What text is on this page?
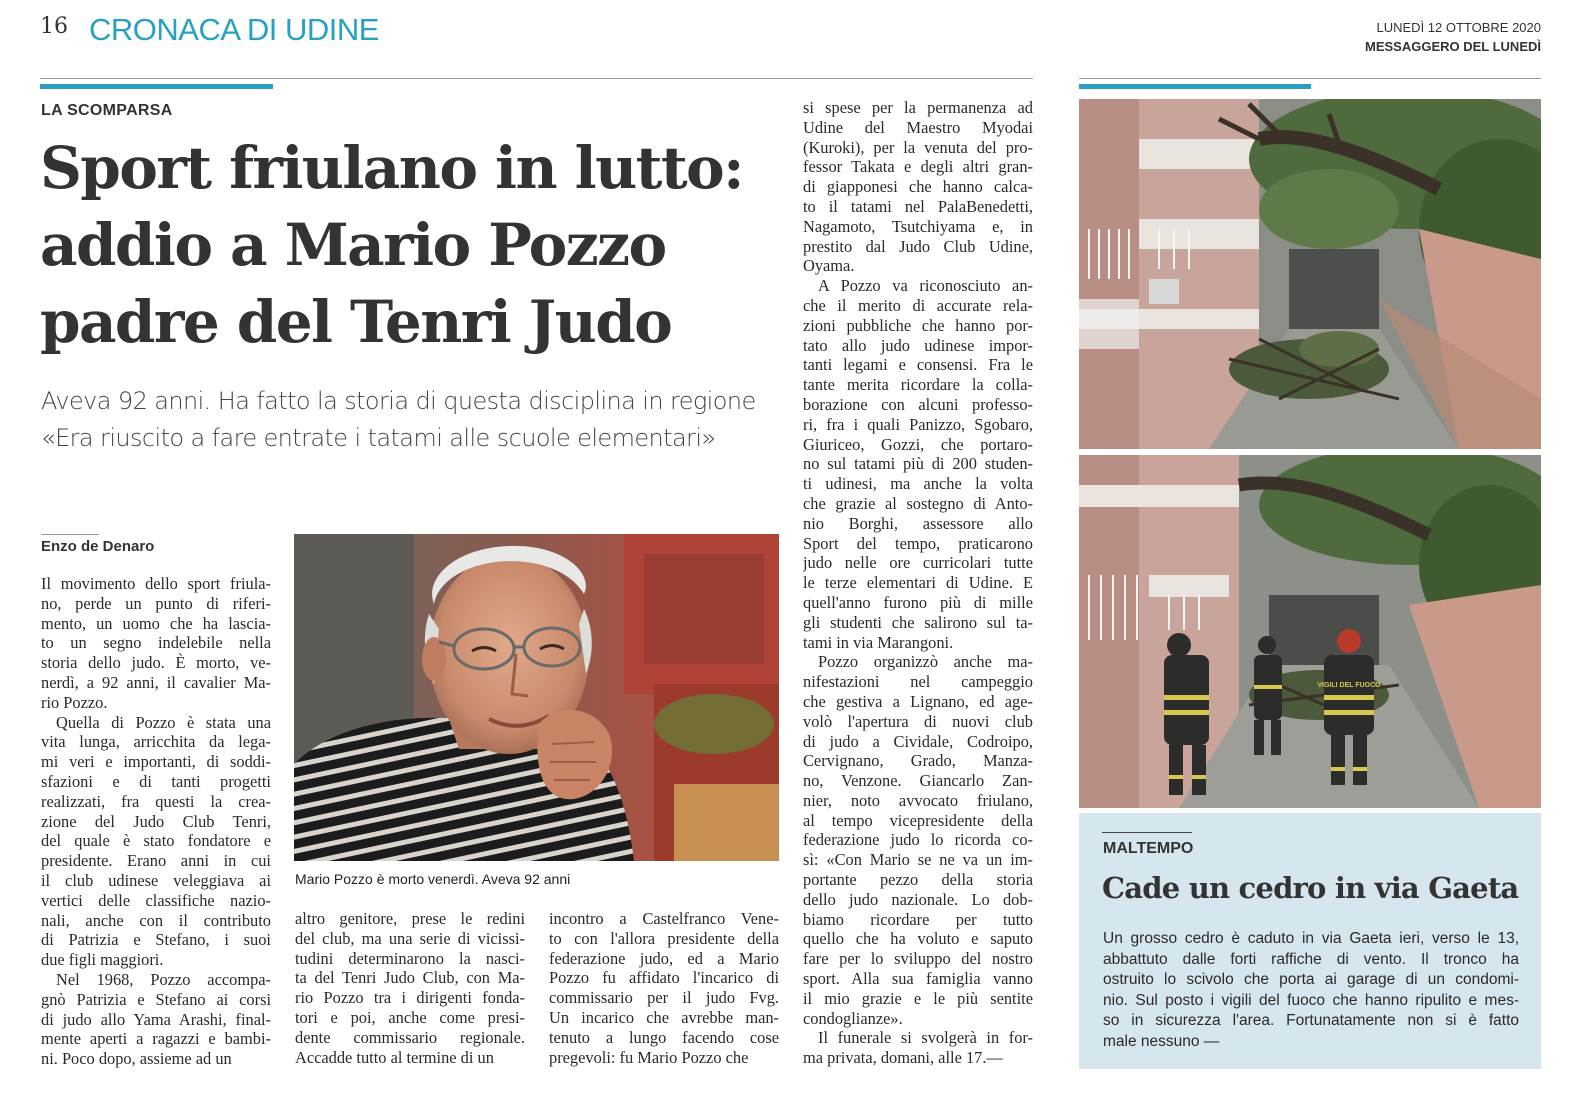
16 CRONACA DI UDINE	LUNEDÌ 12 OTTOBRE 2020
MESSAGGERO DEL LUNEDÌ
LA SCOMPARSA
Sport friulano in lutto:
addio a Mario Pozzo
padre del Tenri Judo
Aveva 92 anni. Ha fatto la storia di questa disciplina in regione
«Era riuscito a fare entrate i tatami alle scuole elementari»
Enzo de Denaro
Il movimento dello sport friula-
no, perde un punto di riferi-
mento, un uomo che ha lascia-
to un segno indelebile nella
storia dello judo. È morto, ve-
nerdì, a 92 anni, il cavalier Ma-
rio Pozzo.
Quella di Pozzo è stata una
vita lunga, arricchita da lega-
mi veri e importanti, di soddi-
sfazioni e di tanti progetti
realizzati, fra questi la crea-
zione del Judo Club Tenri,
del quale è stato fondatore e
presidente. Erano anni in cui
il club udinese veleggiava ai
vertici delle classifiche nazio-
nali, anche con il contributo
di Patrizia e Stefano, i suoi
due figli maggiori.
Nel 1968, Pozzo accompa-
gnò Patrizia e Stefano ai corsi
di judo allo Yama Arashi, final-
mente aperti a ragazzi e bambi-
ni. Poco dopo, assieme ad un
altro genitore, prese le redini
del club, ma una serie di vicissi-
tudini determinarono la nasci-
ta del Tenri Judo Club, con Ma-
rio Pozzo tra i dirigenti fonda-
tori e poi, anche come presi-
dente commissario regionale.
Accadde tutto al termine di un
incontro a Castelfranco Vene-
to con l'allora presidente della
federazione judo, ed a Mario
Pozzo fu affidato l'incarico di
commissario per il judo Fvg.
Un incarico che avrebbe man-
tenuto a lungo facendo cose
pregevoli: fu Mario Pozzo che
si spese per la permanenza ad
Udine del Maestro Myodai
(Kuroki), per la venuta del pro-
fessor Takata e degli altri gran-
di giapponesi che hanno calca-
to il tatami nel PalaBenedetti,
Nagamoto, Tsutchiyama e, in
prestito dal Judo Club Udine,
Oyama.
A Pozzo va riconosciuto an-
che il merito di accurate rela-
zioni pubbliche che hanno por-
tato allo judo udinese impor-
tanti legami e consensi. Fra le
tante merita ricordare la colla-
borazione con alcuni professo-
ri, fra i quali Panizzo, Sgobaro,
Giuriceo, Gozzi, che portaro-
no sul tatami più di 200 studen-
ti udinesi, ma anche la volta
che grazie al sostegno di Anto-
nio Borghi, assessore allo
Sport del tempo, praticarono
judo nelle ore curricolari tutte
le terze elementari di Udine. E
quell'anno furono più di mille
gli studenti che salirono sul ta-
tami in via Marangoni.
Pozzo organizzò anche ma-
nifestazioni nel campeggio
che gestiva a Lignano, ed age-
volò l'apertura di nuovi club
di judo a Cividale, Codroipo,
Cervignano, Grado, Manza-
no, Venzone. Giancarlo Zan-
nier, noto avvocato friulano,
al tempo vicepresidente della
federazione judo lo ricorda co-
sì: «Con Mario se ne va un im-
portante pezzo della storia
dello judo nazionale. Lo dob-
biamo ricordare per tutto
quello che ha voluto e saputo
fare per lo sviluppo del nostro
sport. Alla sua famiglia vanno
il mio grazie e le più sentite
condoglianze».
Il funerale si svolgerà in for-
ma privata, domani, alle 17.—
Mario Pozzo è morto venerdì. Aveva 92 anni
VIGILI DEL FUOCO
MALTEMPO
Cade un cedro in via Gaeta
Un grosso cedro è caduto in via Gaeta ieri, verso le 13,
abbattuto dalle forti raffiche di vento. Il tronco ha
ostruito lo scivolo che porta ai garage di un condomi-
nio. Sul posto i vigili del fuoco che hanno ripulito e mes-
so in sicurezza l'area. Fortunatamente non si è fatto
male nessuno —
